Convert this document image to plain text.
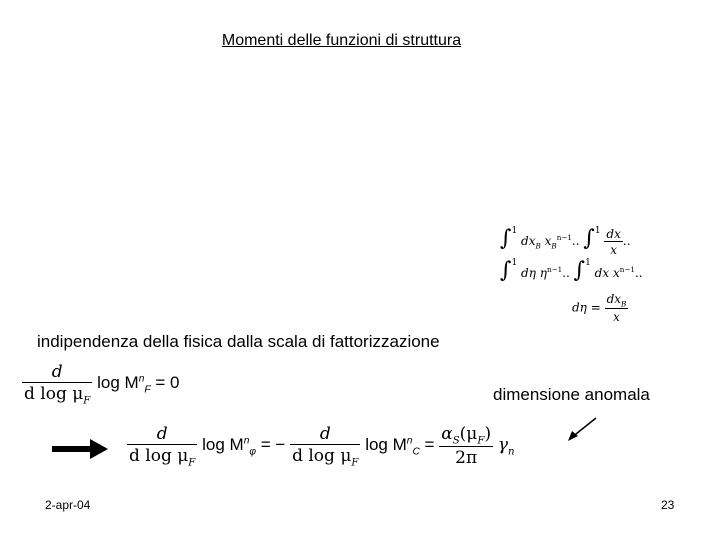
Momenti delle funzioni di struttura
∫$^1$ $dx_B$ $x_B^{n-1}$.. $\int^1 \frac{dx}{x}$ ..
∫$^1$ dη $\eta^{n-1}$.. ∫$^1$ dx $x^{n-1}$..
$d\eta = \frac{dx_B}{x}$
indipendenza della fisica dalla scala di fattorizzazione
$\frac{d}{d \log \mu_F}$ $\log M^n_F = 0$
dimensione anomala
$\frac{d}{d \log \mu_F}$ $\log M^n_\varphi$ = − $\frac{d}{d \log \mu_F}$ $\log M^n_C = \frac{\alpha_S(\mu_F)}{2\pi} \gamma_n$
2-apr-04	23
